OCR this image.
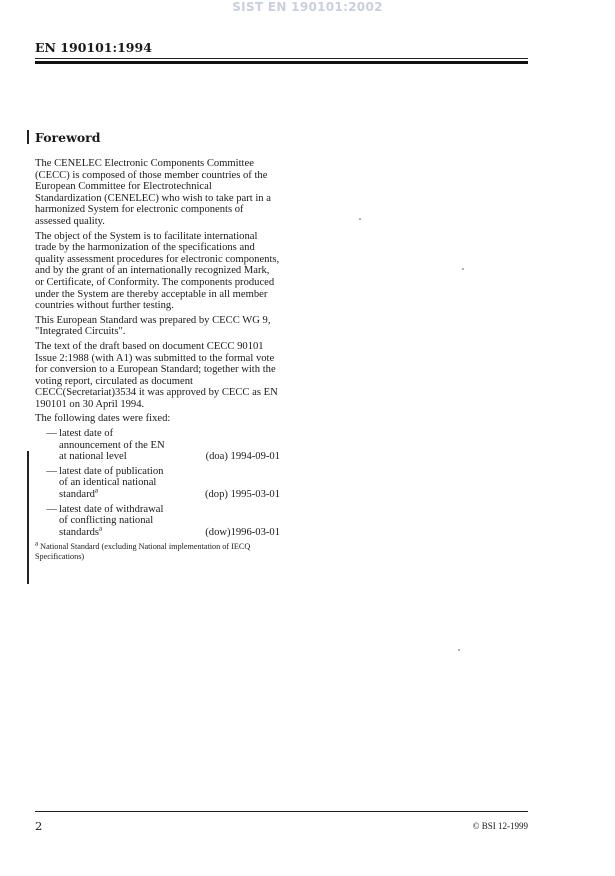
SIST EN 190101:2002
EN 190101:1994
Foreword

The CENELEC Electronic Components Committee (CECC) is composed of those member countries of the European Committee for Electrotechnical Standardization (CENELEC) who wish to take part in a harmonized System for electronic components of assessed quality.

The object of the System is to facilitate international trade by the harmonization of the specifications and quality assessment procedures for electronic components, and by the grant of an internationally recognized Mark, or Certificate, of Conformity. The components produced under the System are thereby acceptable in all member countries without further testing.

This European Standard was prepared by CECC WG 9, "Integrated Circuits".

The text of the draft based on document CECC 90101 Issue 2:1988 (with A1) was submitted to the formal vote for conversion to a European Standard; together with the voting report, circulated as document CECC(Secretariat)3534 it was approved by CECC as EN 190101 on 30 April 1994.

The following dates were fixed:

— latest date of
announcement of the EN
at national level	(doa) 1994-09-01
— latest date of publication
of an identical national
standard$^a$	(dop) 1995-03-01
— latest date of withdrawal
of conflicting national
standards$^a$	(dow)1996-03-01
$^a$ National Standard (excluding National implementation of IECQ Specifications)
2	© BSI 12-1999
